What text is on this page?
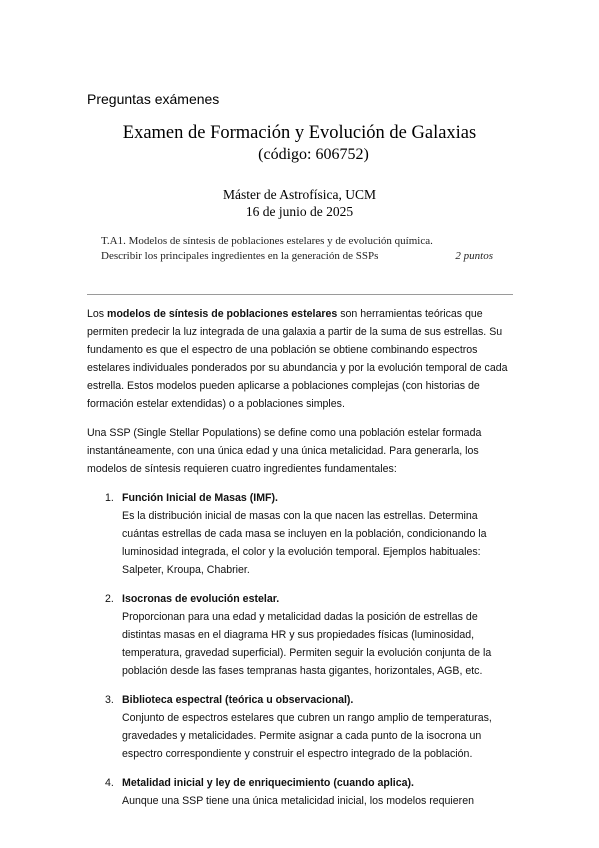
Preguntas exámenes
Examen de Formación y Evolución de Galaxias

(código: 606752)

Máster de Astrofísica, UCM

16 de junio de 2025

T.A1. Modelos de síntesis de poblaciones estelares y de evolución química.
Describir los principales ingredientes en la generación de SSPs	2 puntos

Los modelos de síntesis de poblaciones estelares son herramientas teóricas que permiten predecir la luz integrada de una galaxia a partir de la suma de sus estrellas. Su fundamento es que el espectro de una población se obtiene combinando espectros estelares individuales ponderados por su abundancia y por la evolución temporal de cada estrella. Estos modelos pueden aplicarse a poblaciones complejas (con historias de formación estelar extendidas) o a poblaciones simples.

Una SSP (Single Stellar Populations) se define como una población estelar formada instantáneamente, con una única edad y una única metalicidad. Para generarla, los modelos de síntesis requieren cuatro ingredientes fundamentales:

1. Función Inicial de Masas (IMF).
Es la distribución inicial de masas con la que nacen las estrellas. Determina cuántas estrellas de cada masa se incluyen en la población, condicionando la luminosidad integrada, el color y la evolución temporal. Ejemplos habituales: Salpeter, Kroupa, Chabrier.
2. Isocronas de evolución estelar.
Proporcionan para una edad y metalicidad dadas la posición de estrellas de distintas masas en el diagrama HR y sus propiedades físicas (luminosidad, temperatura, gravedad superficial). Permiten seguir la evolución conjunta de la población desde las fases tempranas hasta gigantes, horizontales, AGB, etc.
3. Biblioteca espectral (teórica u observacional).
Conjunto de espectros estelares que cubren un rango amplio de temperaturas, gravedades y metalicidades. Permite asignar a cada punto de la isocrona un espectro correspondiente y construir el espectro integrado de la población.
4. Metalidad inicial y ley de enriquecimiento (cuando aplica).
Aunque una SSP tiene una única metalicidad inicial, los modelos requieren
